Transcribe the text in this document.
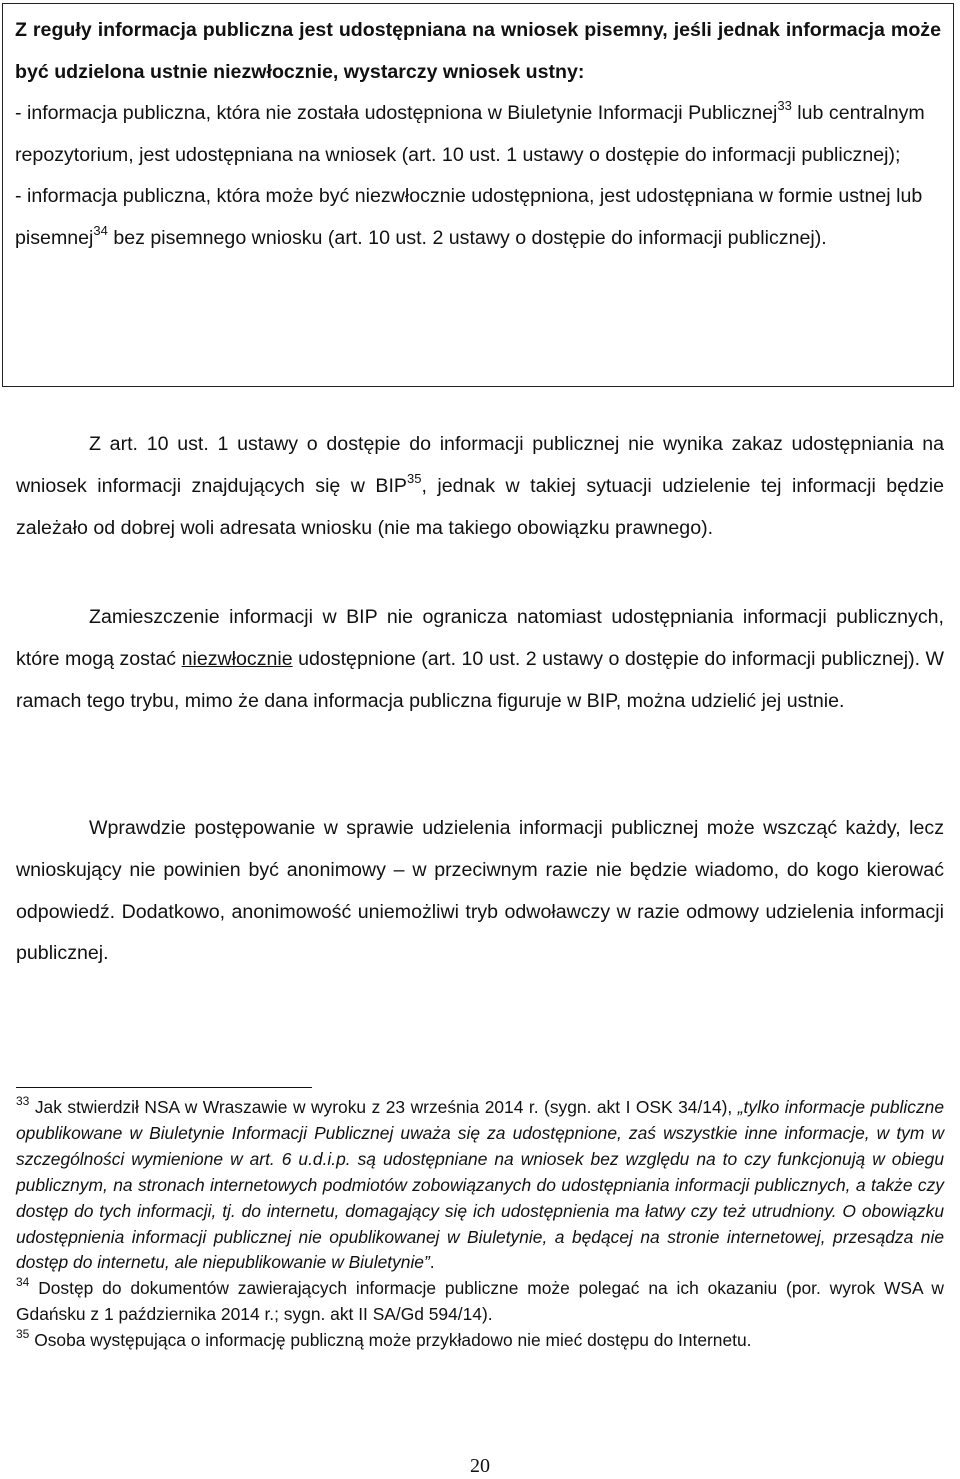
Z reguły informacja publiczna jest udostępniana na wniosek pisemny, jeśli jednak informacja może być udzielona ustnie niezwłocznie, wystarczy wniosek ustny:

- informacja publiczna, która nie została udostępniona w Biuletynie Informacji Publicznej$^{33}$ lub centralnym repozytorium, jest udostępniana na wniosek (art. 10 ust. 1 ustawy o dostępie do informacji publicznej);

- informacja publiczna, która może być niezwłocznie udostępniona, jest udostępniana w formie ustnej lub pisemnej$^{34}$ bez pisemnego wniosku (art. 10 ust. 2 ustawy o dostępie do informacji publicznej).

Z art. 10 ust. 1 ustawy o dostępie do informacji publicznej nie wynika zakaz udostępniania na wniosek informacji znajdujących się w BIP$^{35}$, jednak w takiej sytuacji udzielenie tej informacji będzie zależało od dobrej woli adresata wniosku (nie ma takiego obowiązku prawnego).

Zamieszczenie informacji w BIP nie ogranicza natomiast udostępniania informacji publicznych, które mogą zostać niezwłocznie udostępnione (art. 10 ust. 2 ustawy o dostępie do informacji publicznej). W ramach tego trybu, mimo że dana informacja publiczna figuruje w BIP, można udzielić jej ustnie.

Wprawdzie postępowanie w sprawie udzielenia informacji publicznej może wszcząć każdy, lecz wnioskujący nie powinien być anonimowy – w przeciwnym razie nie będzie wiadomo, do kogo kierować odpowiedź. Dodatkowo, anonimowość uniemożliwi tryb odwoławczy w razie odmowy udzielenia informacji publicznej.

$^{33}$ Jak stwierdził NSA w Wraszawie w wyroku z 23 września 2014 r. (sygn. akt I OSK 34/14), „tylko informacje publiczne opublikowane w Biuletynie Informacji Publicznej uważa się za udostępnione, zaś wszystkie inne informacje, w tym w szczególności wymienione w art. 6 u.d.i.p. są udostępniane na wniosek bez względu na to czy funkcjonują w obiegu publicznym, na stronach internetowych podmiotów zobowiązanych do udostępniania informacji publicznych, a także czy dostęp do tych informacji, tj. do internetu, domagający się ich udostępnienia ma łatwy czy też utrudniony. O obowiązku udostępnienia informacji publicznej nie opublikowanej w Biuletynie, a będącej na stronie internetowej, przesądza nie dostęp do internetu, ale niepublikowanie w Biuletynie”.

$^{34}$ Dostęp do dokumentów zawierających informacje publiczne może polegać na ich okazaniu (por. wyrok WSA w Gdańsku z 1 października 2014 r.; sygn. akt II SA/Gd 594/14).

$^{35}$ Osoba występująca o informację publiczną może przykładowo nie mieć dostępu do Internetu.

20
